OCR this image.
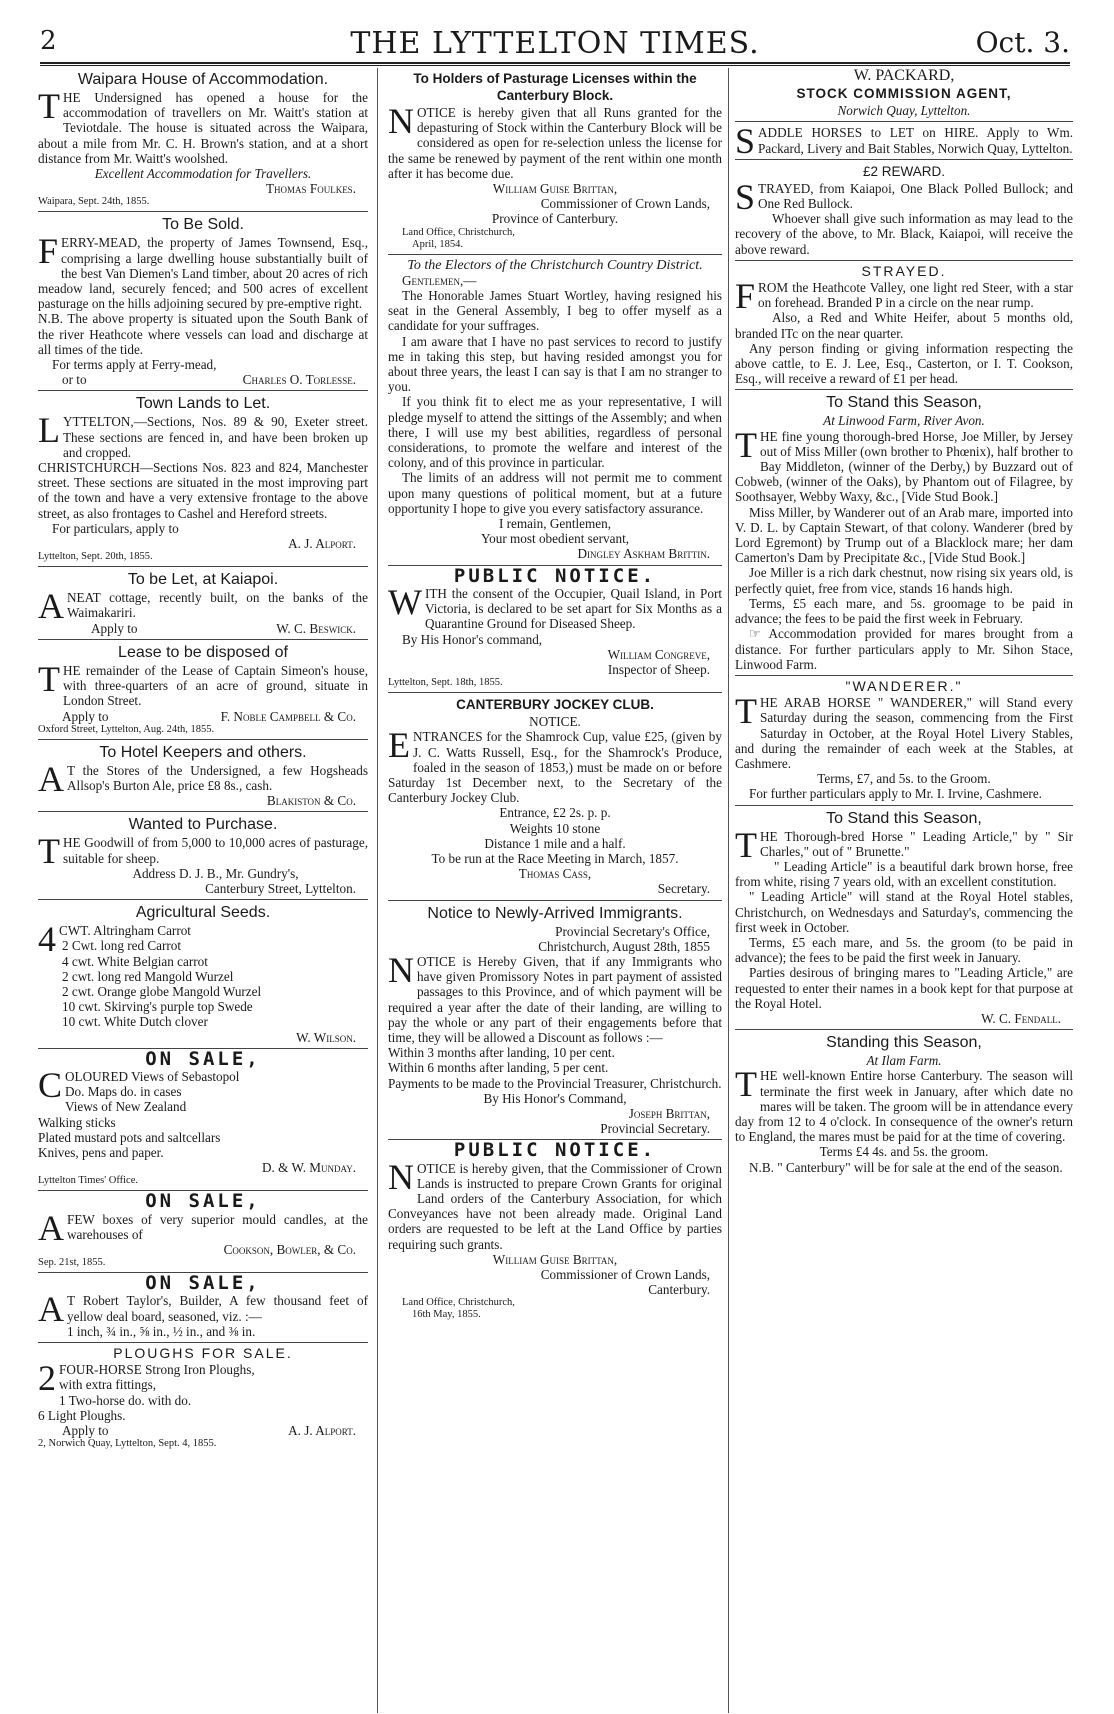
2	THE LYTTELTON TIMES.	Oct. 3.
Waipara House of Accommodation.

THE Undersigned has opened a house for the accommodation of travellers on Mr. Waitt's station at Teviotdale. The house is situated across the Waipara, about a mile from Mr. C. H. Brown's station, and at a short distance from Mr. Waitt's woolshed.

Excellent Accommodation for Travellers.
Thomas Foulkes.
Waipara, Sept. 24th, 1855.
To Be Sold.

FERRY-MEAD, the property of James Townsend, Esq., comprising a large dwelling house substantially built of the best Van Diemen's Land timber, about 20 acres of rich meadow land, securely fenced; and 500 acres of excellent pasturage on the hills adjoining secured by pre-emptive right.

N.B. The above property is situated upon the South Bank of the river Heathcote where vessels can load and discharge at all times of the tide.

For terms apply at Ferry-mead,
or to	Charles O. Torlesse.
Town Lands to Let.

LYTTELTON,—Sections, Nos. 89 & 90, Exeter street. These sections are fenced in, and have been broken up and cropped.

CHRISTCHURCH—Sections Nos. 823 and 824, Manchester street. These sections are situated in the most improving part of the town and have a very extensive frontage to the above street, as also frontages to Cashel and Hereford streets.

For particulars, apply to
A. J. Alport.
Lyttelton, Sept. 20th, 1855.
To be Let, at Kaiapoi.

ANEAT cottage, recently built, on the banks of the Waimakariri.

Apply to	W. C. Beswick.
Lease to be disposed of

THE remainder of the Lease of Captain Simeon's house, with three-quarters of an acre of ground, situate in London Street.

Apply to	F. Noble Campbell & Co.
Oxford Street, Lyttelton, Aug. 24th, 1855.
To Hotel Keepers and others.

A T the Stores of the Undersigned, a few Hogsheads Allsop's Burton Ale, price £8 8s., cash.

Blakiston & Co.
Wanted to Purchase.

THE Goodwill of from 5,000 to 10,000 acres of pasturage, suitable for sheep.

Address D. J. B., Mr. Gundry's,
Canterbury Street, Lyttelton.
Agricultural Seeds.
4 CWT. Altringham Carrot
2 Cwt. long red Carrot
4 cwt. White Belgian carrot
2 cwt. long red Mangold Wurzel
2 cwt. Orange globe Mangold Wurzel
10 cwt. Skirving's purple top Swede
10 cwt. White Dutch clover
W. Wilson.
ON SALE,
C OLOURED Views of Sebastopol
Do. Maps do. in cases
Views of New Zealand
Walking sticks
Plated mustard pots and saltcellars
Knives, pens and paper.
D. & W. Munday.
Lyttelton Times' Office.
ON SALE,

AFEW boxes of very superior mould candles, at the warehouses of

Cookson, Bowler, & Co.
Sep. 21st, 1855.
ON SALE,

A T Robert Taylor's, Builder, A few thousand feet of yellow deal board, seasoned, viz. :—

1 inch, ¾ in., ⅝ in., ½ in., and ⅜ in.
PLOUGHS FOR SALE.
2 FOUR-HORSE Strong Iron Ploughs,
with extra fittings,
1 Two-horse do. with do.
6 Light Ploughs.
Apply to	A. J. Alport.
2, Norwich Quay, Lyttelton, Sept. 4, 1855.
To Holders of Pasturage Licenses within the Canterbury Block.

NOTICE is hereby given that all Runs granted for the depasturing of Stock within the Canterbury Block will be considered as open for re-selection unless the license for the same be renewed by payment of the rent within one month after it has become due.

William Guise Brittan,
Commissioner of Crown Lands,
Province of Canterbury.
Land Office, Christchurch,
April, 1854.
To the Electors of the Christchurch Country District.
Gentlemen,—

The Honorable James Stuart Wortley, having resigned his seat in the General Assembly, I beg to offer myself as a candidate for your suffrages.

I am aware that I have no past services to record to justify me in taking this step, but having resided amongst you for about three years, the least I can say is that I am no stranger to you.

If you think fit to elect me as your representative, I will pledge myself to attend the sittings of the Assembly; and when there, I will use my best abilities, regardless of personal considerations, to promote the welfare and interest of the colony, and of this province in particular.

The limits of an address will not permit me to comment upon many questions of political moment, but at a future opportunity I hope to give you every satisfactory assurance.

I remain, Gentlemen,
Your most obedient servant,
Dingley Askham Brittin.
PUBLIC NOTICE.

WITH the consent of the Occupier, Quail Island, in Port Victoria, is declared to be set apart for Six Months as a Quarantine Ground for Diseased Sheep.

By His Honor's command,
William Congreve,
Inspector of Sheep.
Lyttelton, Sept. 18th, 1855.
CANTERBURY JOCKEY CLUB.
NOTICE.

ENTRANCES for the Shamrock Cup, value £25, (given by J. C. Watts Russell, Esq., for the Shamrock's Produce, foaled in the season of 1853,) must be made on or before Saturday 1st December next, to the Secretary of the Canterbury Jockey Club.

Entrance, £2 2s. p. p.
Weights 10 stone
Distance 1 mile and a half.
To be run at the Race Meeting in March, 1857.
Thomas Cass,
Secretary.
Notice to Newly-Arrived Immigrants.
Provincial Secretary's Office,
Christchurch, August 28th, 1855

NOTICE is Hereby Given, that if any Immigrants who have given Promissory Notes in part payment of assisted passages to this Province, and of which payment will be required a year after the date of their landing, are willing to pay the whole or any part of their engagements before that time, they will be allowed a Discount as follows :—

Within 3 months after landing, 10 per cent.
Within 6 months after landing, 5 per cent.

Payments to be made to the Provincial Treasurer, Christchurch.

By His Honor's Command,
Joseph Brittan,
Provincial Secretary.
PUBLIC NOTICE.

NOTICE is hereby given, that the Commissioner of Crown Lands is instructed to prepare Crown Grants for original Land orders of the Canterbury Association, for which Conveyances have not been already made. Original Land orders are requested to be left at the Land Office by parties requiring such grants.

William Guise Brittan,
Commissioner of Crown Lands,
Canterbury.
Land Office, Christchurch,
16th May, 1855.
W. PACKARD,
STOCK COMMISSION AGENT,
Norwich Quay, Lyttelton.

SADDLE HORSES to LET on HIRE. Apply to Wm. Packard, Livery and Bait Stables, Norwich Quay, Lyttelton.

£2 REWARD.

STRAYED, from Kaiapoi, One Black Polled Bullock; and One Red Bullock.

Whoever shall give such information as may lead to the recovery of the above, to Mr. Black, Kaiapoi, will receive the above reward.

STRAYED.

FROM the Heathcote Valley, one light red Steer, with a star on forehead. Branded P in a circle on the near rump.

Also, a Red and White Heifer, about 5 months old, branded ITc on the near quarter.

Any person finding or giving information respecting the above cattle, to E. J. Lee, Esq., Casterton, or I. T. Cookson, Esq., will receive a reward of £1 per head.

To Stand this Season,
At Linwood Farm, River Avon.

THE fine young thorough-bred Horse, Joe Miller, by Jersey out of Miss Miller (own brother to Phœnix), half brother to Bay Middleton, (winner of the Derby,) by Buzzard out of Cobweb, (winner of the Oaks), by Phantom out of Filagree, by Soothsayer, Webby Waxy, &c., [Vide Stud Book.]

Miss Miller, by Wanderer out of an Arab mare, imported into V. D. L. by Captain Stewart, of that colony. Wanderer (bred by Lord Egremont) by Trump out of a Blacklock mare; her dam Camerton's Dam by Precipitate &c., [Vide Stud Book.]

Joe Miller is a rich dark chestnut, now rising six years old, is perfectly quiet, free from vice, stands 16 hands high.

Terms, £5 each mare, and 5s. groomage to be paid in advance; the fees to be paid the first week in February.

☞ Accommodation provided for mares brought from a distance. For further particulars apply to Mr. Sihon Stace, Linwood Farm.

"WANDERER."

THE ARAB HORSE " WANDERER," will Stand every Saturday during the season, commencing from the First Saturday in October, at the Royal Hotel Livery Stables, and during the remainder of each week at the Stables, at Cashmere.

Terms, £7, and 5s. to the Groom.

For further particulars apply to Mr. I. Irvine, Cashmere.

To Stand this Season,

THE Thorough-bred Horse " Leading Article," by " Sir Charles," out of " Brunette."

" Leading Article" is a beautiful dark brown horse, free from white, rising 7 years old, with an excellent constitution.

" Leading Article" will stand at the Royal Hotel stables, Christchurch, on Wednesdays and Saturday's, commencing the first week in October.

Terms, £5 each mare, and 5s. the groom (to be paid in advance); the fees to be paid the first week in January.

Parties desirous of bringing mares to "Leading Article," are requested to enter their names in a book kept for that purpose at the Royal Hotel.

W. C. Fendall.
Standing this Season,
At Ilam Farm.

THE well-known Entire horse Canterbury. The season will terminate the first week in January, after which date no mares will be taken. The groom will be in attendance every day from 12 to 4 o'clock. In consequence of the owner's return to England, the mares must be paid for at the time of covering.

Terms £4 4s. and 5s. the groom.

N.B. " Canterbury" will be for sale at the end of the season.
